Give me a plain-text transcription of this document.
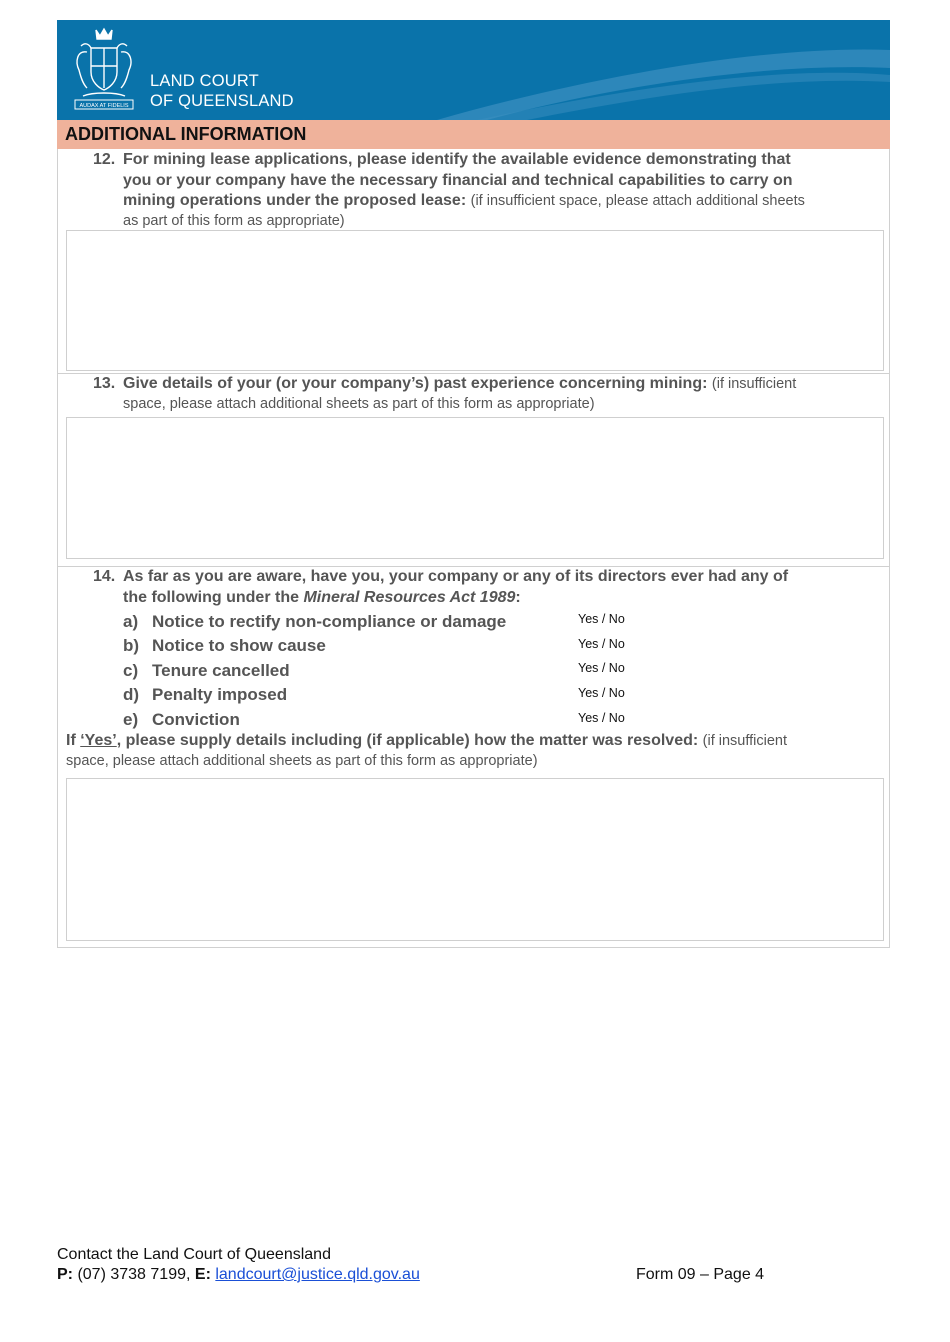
AUDAX AT FIDELIS
LAND COURT
OF QUEENSLAND
ADDITIONAL INFORMATION
12. For mining lease applications, please identify the available evidence demonstrating that
you or your company have the necessary financial and technical capabilities to carry on
mining operations under the proposed lease: (if insufficient space, please attach additional sheets
as part of this form as appropriate)
13. Give details of your (or your company’s) past experience concerning mining: (if insufficient
space, please attach additional sheets as part of this form as appropriate)
14. As far as you are aware, have you, your company or any of its directors ever had any of
the following under the Mineral Resources Act 1989:
a) Notice to rectify non-compliance or damage	Yes / No
b) Notice to show cause	Yes / No
c) Tenure cancelled	Yes / No
d) Penalty imposed	Yes / No
e) Conviction	Yes / No
If ‘Yes’, please supply details including (if applicable) how the matter was resolved: (if insufficient
space, please attach additional sheets as part of this form as appropriate)
Contact the Land Court of Queensland
P: (07) 3738 7199, E: landcourt@justice.qld.gov.au	Form 09 – Page 4
